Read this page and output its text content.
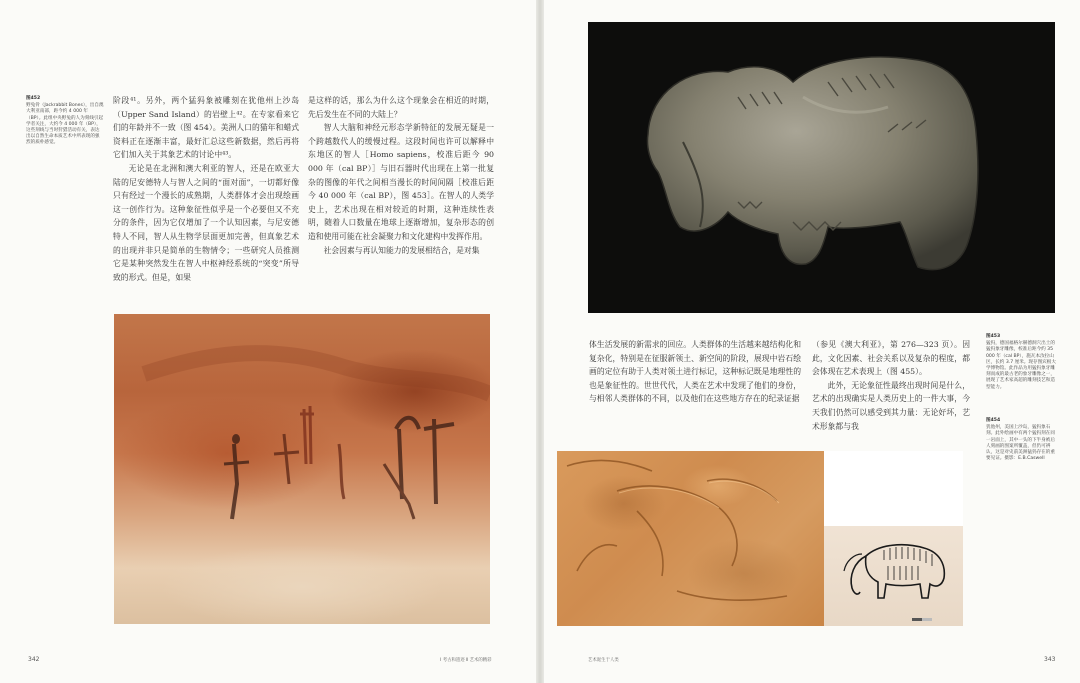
图452
野兔骨（Jackrabbit Bones），出自澳大利亚南部，距今约 4 000 年（BP）。此组中央野兔的人为刻线引起学者关注，大约今 4 000 年（BP），这些刻线与当时狩猎活动有关，表达出以自然生命本质艺术中所表现的强烈的质朴感觉。

阶段⁴¹。另外，两个猛犸象被雕刻在犹他州上沙岛（Upper Sand Island）的岩壁上⁴²。在专家看来它们的年龄并不一致（图 454）。美洲人口的猫年和蜡式资料正在逐渐丰富，最好汇总这些新数据，然后再将它们加入关于其象艺术的讨论中⁴³。

无论是在北洲和澳大利亚的智人，还是在欧亚大陆的尼安德特人与智人之间的“面对面”，一切都好像只有经过一个漫长的成熟期，人类群体才会出现绘画这一创作行为。这种象征性似乎是一个必要但又不充分的条件，因为它仅增加了一个认知因素，与尼安德特人不同，智人从生物学层面更加完善，但真象艺术的出现并非只是简单的生物情令；一些研究人员推测它是某种突然发生在智人中枢神经系统的“突变”所导致的形式。但是，如果

是这样的话，那么为什么这个现象会在相近的时期，先后发生在不同的大陆上？

智人大脑和神经元形态学新特征的发展无疑是一个跨越数代人的缓慢过程。这段时间也许可以解释中东地区的智人［Homo sapiens，校准后距今 90 000 年（cal BP）］与旧石器时代出现在上第一批复杂的图像的年代之间相当漫长的时间间隔［校准后距今 40 000 年（cal BP），图 453］。在智人的人类学史上，艺术出现在相对较近的时期，这种连续性表明，随着人口数量在地球上逐渐增加，复杂形态的创造和使用可能在社会凝聚力和文化建构中发挥作用。

社会因素与再认知能力的发展相结合，是对集

342	I 考古和遗迹 Ⅱ 艺术的精彩

体生活发展的新需求的回应。人类群体的生活越来越结构化和复杂化，特别是在征服新领土、新空间的阶段，展现中岩石绘画的定位有助于人类对领土进行标记，这种标记既是地理性的也是象征性的。世世代代，人类在艺术中发现了他们的身份，与相邻人类群体的不同，以及他们在这些地方存在的纪录证据

（参见《澳大利亚》，第 276—323 页）。因此，文化因素、社会关系以及复杂的程度，都会体现在艺术表现上（图 455）。

此外，无论象征性最终出现时间是什么，艺术的出现确实是人类历史上的一件大事，今天我们仍然可以感受到其力量：无论好坏，艺术形象都与我

图453
猛犸，德国福格尔赫德洞穴出土的猛犸象牙雕像，校准后距今约 35 000 年（cal BP），施瓦本汝拉山区，长约 3.7 厘米。现存图宾根大学博物馆。此作品为用猛犸象牙雕刻而成的最古老的象牙雕像之一，展现了艺术家高超的雕刻技艺和造型能力。
图454
犹他州，美国上沙岛，猛犸象石刻。此外绘画中有两个猛犸刻在同一岩面上，其中一头的下半身被后人刻画的图案所覆盖，但仍可辨认，这是对史前美洲猛犸存在的重要见证。摄影：E.B.Caswell
艺术诞生于人类	343
